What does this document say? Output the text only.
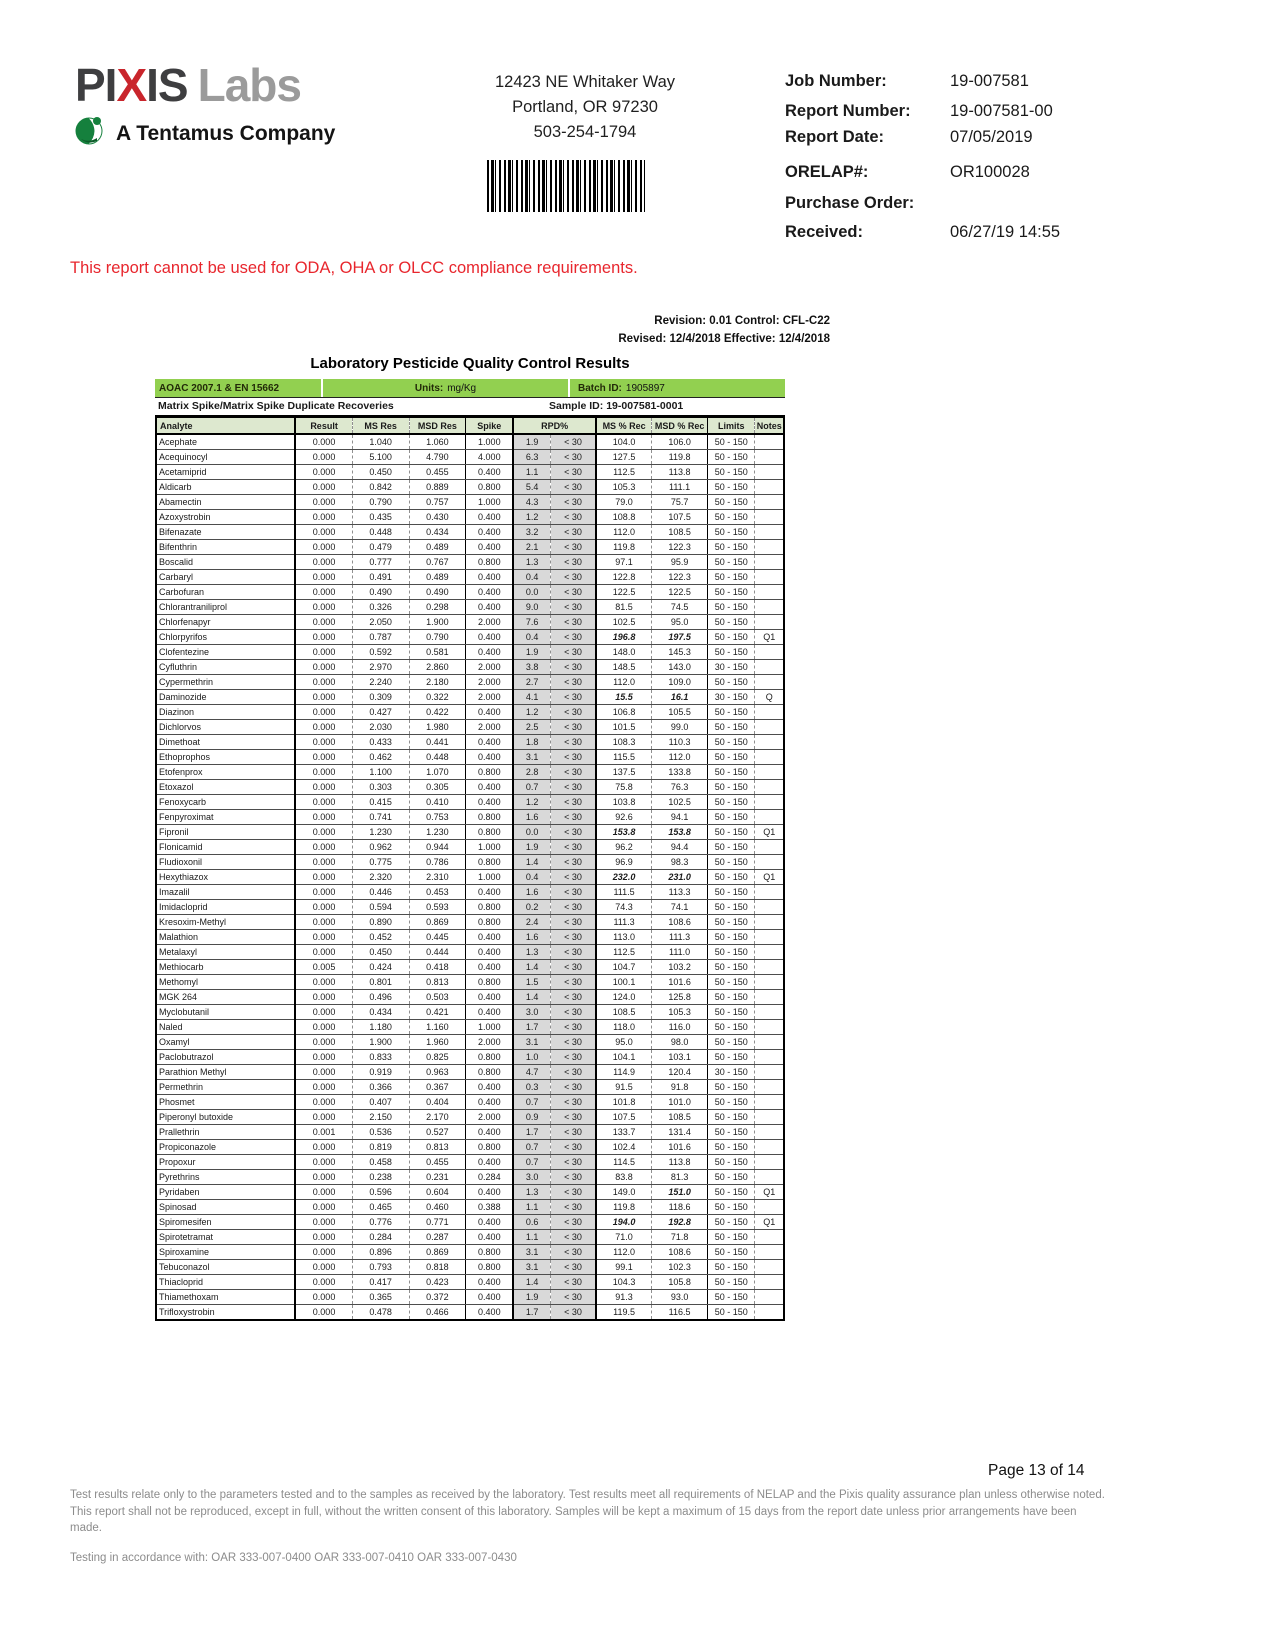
PIXIS Labs
A Tentamus Company
12423 NE Whitaker Way
Portland, OR 97230
503-254-1794
Job Number:	19-007581
Report Number: 19-007581-00
Report Date:	07/05/2019
ORELAP#:	OR100028
Purchase Order:
Received:	06/27/19 14:55
This report cannot be used for ODA, OHA or OLCC compliance requirements.
Revision: 0.01 Control: CFL-C22
Revised: 12/4/2018 Effective: 12/4/2018
Laboratory Pesticide Quality Control Results
AOAC 2007.1 & EN 15662	Units: mg/Kg	Batch ID: 1905897
Matrix Spike/Matrix Spike Duplicate Recoveries	Sample ID: 19-007581-0001
Analyte	Result	MS Res	MSD Res	Spike	RPD%		MS % Rec	MSD % Rec	Limits	Notes
Acephate	0.000	1.040	1.060	1.000	1.9	< 30	104.0	106.0	50 - 150	
Acequinocyl	0.000	5.100	4.790	4.000	6.3	< 30	127.5	119.8	50 - 150	
Acetamiprid	0.000	0.450	0.455	0.400	1.1	< 30	112.5	113.8	50 - 150	
Aldicarb	0.000	0.842	0.889	0.800	5.4	< 30	105.3	111.1	50 - 150	
Abamectin	0.000	0.790	0.757	1.000	4.3	< 30	79.0	75.7	50 - 150	
Azoxystrobin	0.000	0.435	0.430	0.400	1.2	< 30	108.8	107.5	50 - 150	
Bifenazate	0.000	0.448	0.434	0.400	3.2	< 30	112.0	108.5	50 - 150	
Bifenthrin	0.000	0.479	0.489	0.400	2.1	< 30	119.8	122.3	50 - 150	
Boscalid	0.000	0.777	0.767	0.800	1.3	< 30	97.1	95.9	50 - 150	
Carbaryl	0.000	0.491	0.489	0.400	0.4	< 30	122.8	122.3	50 - 150	
Carbofuran	0.000	0.490	0.490	0.400	0.0	< 30	122.5	122.5	50 - 150	
Chlorantraniliprol	0.000	0.326	0.298	0.400	9.0	< 30	81.5	74.5	50 - 150	
Chlorfenapyr	0.000	2.050	1.900	2.000	7.6	< 30	102.5	95.0	50 - 150	
Chlorpyrifos	0.000	0.787	0.790	0.400	0.4	< 30	196.8	197.5	50 - 150	Q1
Clofentezine	0.000	0.592	0.581	0.400	1.9	< 30	148.0	145.3	50 - 150	
Cyfluthrin	0.000	2.970	2.860	2.000	3.8	< 30	148.5	143.0	30 - 150	
Cypermethrin	0.000	2.240	2.180	2.000	2.7	< 30	112.0	109.0	50 - 150	
Daminozide	0.000	0.309	0.322	2.000	4.1	< 30	15.5	16.1	30 - 150	Q
Diazinon	0.000	0.427	0.422	0.400	1.2	< 30	106.8	105.5	50 - 150	
Dichlorvos	0.000	2.030	1.980	2.000	2.5	< 30	101.5	99.0	50 - 150	
Dimethoat	0.000	0.433	0.441	0.400	1.8	< 30	108.3	110.3	50 - 150	
Ethoprophos	0.000	0.462	0.448	0.400	3.1	< 30	115.5	112.0	50 - 150	
Etofenprox	0.000	1.100	1.070	0.800	2.8	< 30	137.5	133.8	50 - 150	
Etoxazol	0.000	0.303	0.305	0.400	0.7	< 30	75.8	76.3	50 - 150	
Fenoxycarb	0.000	0.415	0.410	0.400	1.2	< 30	103.8	102.5	50 - 150	
Fenpyroximat	0.000	0.741	0.753	0.800	1.6	< 30	92.6	94.1	50 - 150	
Fipronil	0.000	1.230	1.230	0.800	0.0	< 30	153.8	153.8	50 - 150	Q1
Flonicamid	0.000	0.962	0.944	1.000	1.9	< 30	96.2	94.4	50 - 150	
Fludioxonil	0.000	0.775	0.786	0.800	1.4	< 30	96.9	98.3	50 - 150	
Hexythiazox	0.000	2.320	2.310	1.000	0.4	< 30	232.0	231.0	50 - 150	Q1
Imazalil	0.000	0.446	0.453	0.400	1.6	< 30	111.5	113.3	50 - 150	
Imidacloprid	0.000	0.594	0.593	0.800	0.2	< 30	74.3	74.1	50 - 150	
Kresoxim-Methyl	0.000	0.890	0.869	0.800	2.4	< 30	111.3	108.6	50 - 150	
Malathion	0.000	0.452	0.445	0.400	1.6	< 30	113.0	111.3	50 - 150	
Metalaxyl	0.000	0.450	0.444	0.400	1.3	< 30	112.5	111.0	50 - 150	
Methiocarb	0.005	0.424	0.418	0.400	1.4	< 30	104.7	103.2	50 - 150	
Methomyl	0.000	0.801	0.813	0.800	1.5	< 30	100.1	101.6	50 - 150	
MGK 264	0.000	0.496	0.503	0.400	1.4	< 30	124.0	125.8	50 - 150	
Myclobutanil	0.000	0.434	0.421	0.400	3.0	< 30	108.5	105.3	50 - 150	
Naled	0.000	1.180	1.160	1.000	1.7	< 30	118.0	116.0	50 - 150	
Oxamyl	0.000	1.900	1.960	2.000	3.1	< 30	95.0	98.0	50 - 150	
Paclobutrazol	0.000	0.833	0.825	0.800	1.0	< 30	104.1	103.1	50 - 150	
Parathion Methyl	0.000	0.919	0.963	0.800	4.7	< 30	114.9	120.4	30 - 150	
Permethrin	0.000	0.366	0.367	0.400	0.3	< 30	91.5	91.8	50 - 150	
Phosmet	0.000	0.407	0.404	0.400	0.7	< 30	101.8	101.0	50 - 150	
Piperonyl butoxide	0.000	2.150	2.170	2.000	0.9	< 30	107.5	108.5	50 - 150	
Prallethrin	0.001	0.536	0.527	0.400	1.7	< 30	133.7	131.4	50 - 150	
Propiconazole	0.000	0.819	0.813	0.800	0.7	< 30	102.4	101.6	50 - 150	
Propoxur	0.000	0.458	0.455	0.400	0.7	< 30	114.5	113.8	50 - 150	
Pyrethrins	0.000	0.238	0.231	0.284	3.0	< 30	83.8	81.3	50 - 150	
Pyridaben	0.000	0.596	0.604	0.400	1.3	< 30	149.0	151.0	50 - 150	Q1
Spinosad	0.000	0.465	0.460	0.388	1.1	< 30	119.8	118.6	50 - 150	
Spiromesifen	0.000	0.776	0.771	0.400	0.6	< 30	194.0	192.8	50 - 150	Q1
Spirotetramat	0.000	0.284	0.287	0.400	1.1	< 30	71.0	71.8	50 - 150	
Spiroxamine	0.000	0.896	0.869	0.800	3.1	< 30	112.0	108.6	50 - 150	
Tebuconazol	0.000	0.793	0.818	0.800	3.1	< 30	99.1	102.3	50 - 150	
Thiacloprid	0.000	0.417	0.423	0.400	1.4	< 30	104.3	105.8	50 - 150	
Thiamethoxam	0.000	0.365	0.372	0.400	1.9	< 30	91.3	93.0	50 - 150	
Trifloxystrobin	0.000	0.478	0.466	0.400	1.7	< 30	119.5	116.5	50 - 150	
Page 13 of 14
Test results relate only to the parameters tested and to the samples as received by the laboratory. Test results meet all requirements of NELAP and the Pixis quality assurance plan unless otherwise noted. This report shall not be reproduced, except in full, without the written consent of this laboratory. Samples will be kept a maximum of 15 days from the report date unless prior arrangements have been made.
Testing in accordance with: OAR 333-007-0400 OAR 333-007-0410 OAR 333-007-0430
